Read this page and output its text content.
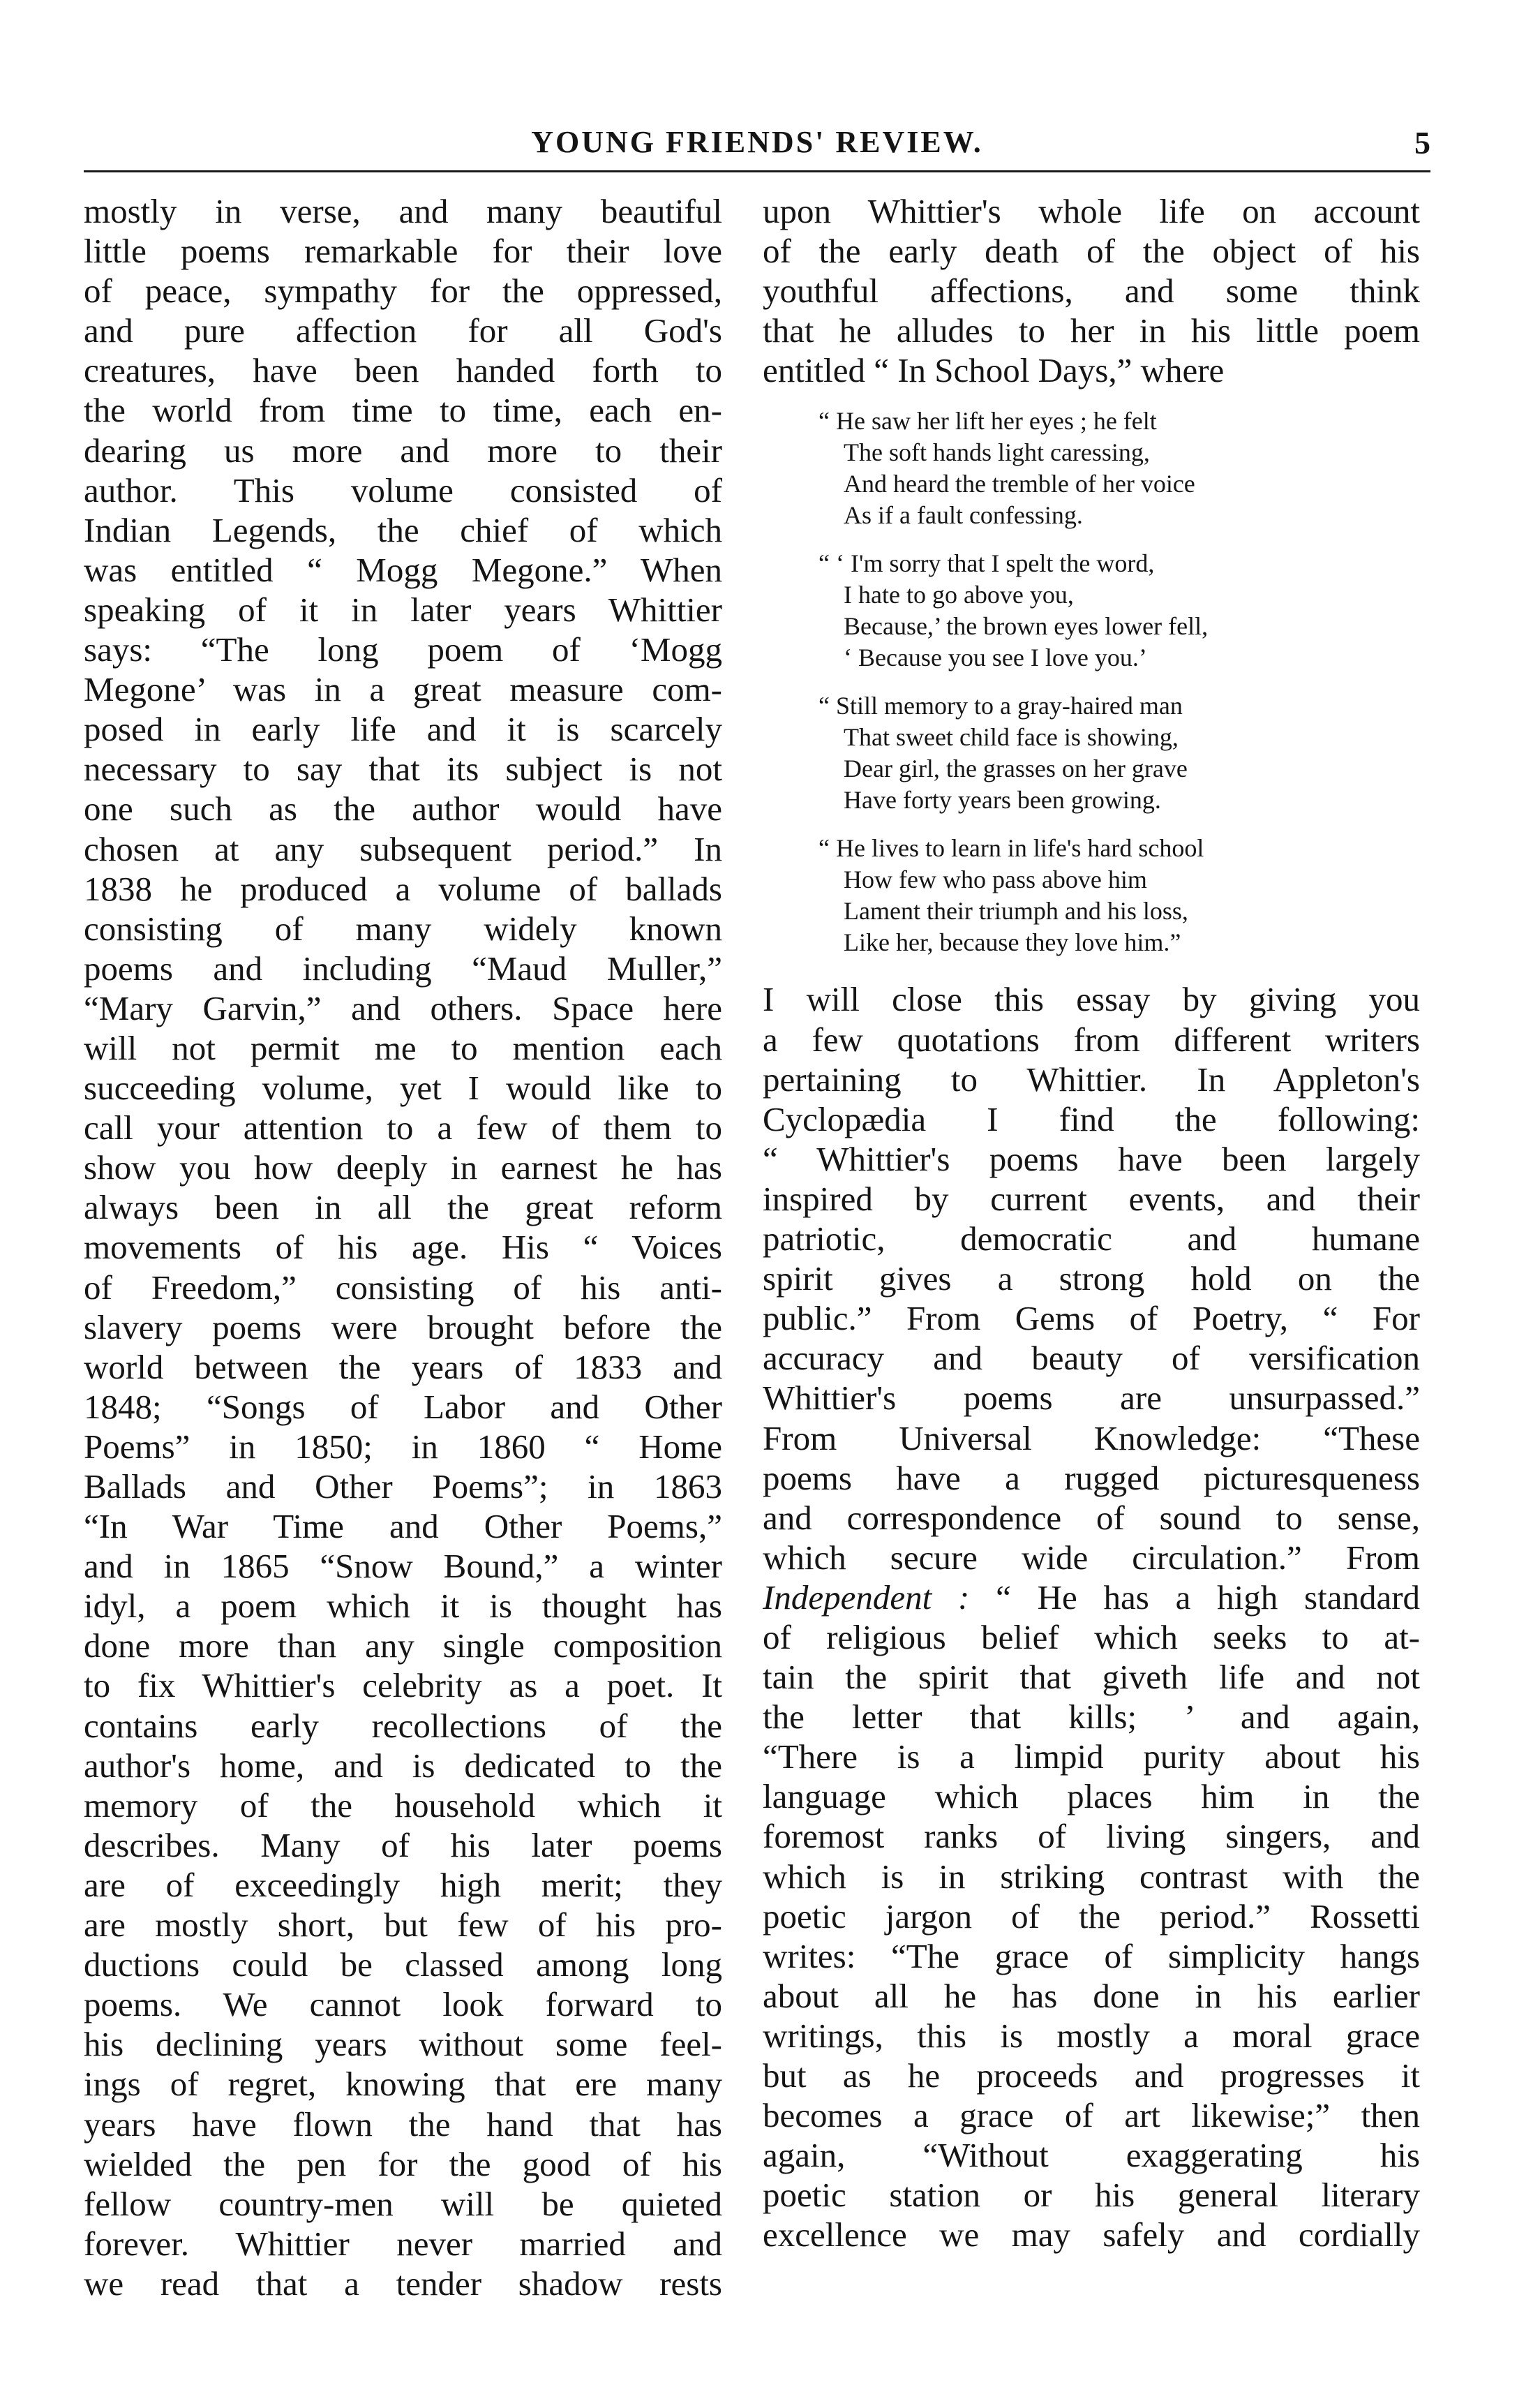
YOUNG FRIENDS' REVIEW.	5
mostly in verse, and many beautiful
little poems remarkable for their love
of peace, sympathy for the oppressed,
and pure affection for all God's
creatures, have been handed forth to
the world from time to time, each en-
dearing us more and more to their
author. This volume consisted of
Indian Legends, the chief of which
was entitled “ Mogg Megone.” When
speaking of it in later years Whittier
says: “The long poem of ‘Mogg
Megone’ was in a great measure com-
posed in early life and it is scarcely
necessary to say that its subject is not
one such as the author would have
chosen at any subsequent period.” In
1838 he produced a volume of ballads
consisting of many widely known
poems and including “Maud Muller,”
“Mary Garvin,” and others. Space here
will not permit me to mention each
succeeding volume, yet I would like to
call your attention to a few of them to
show you how deeply in earnest he has
always been in all the great reform
movements of his age. His “ Voices
of Freedom,” consisting of his anti-
slavery poems were brought before the
world between the years of 1833 and
1848; “Songs of Labor and Other
Poems” in 1850; in 1860 “ Home
Ballads and Other Poems”; in 1863
“In War Time and Other Poems,”
and in 1865 “Snow Bound,” a winter
idyl, a poem which it is thought has
done more than any single composition
to fix Whittier's celebrity as a poet. It
contains early recollections of the
author's home, and is dedicated to the
memory of the household which it
describes. Many of his later poems
are of exceedingly high merit; they
are mostly short, but few of his pro-
ductions could be classed among long
poems. We cannot look forward to
his declining years without some feel-
ings of regret, knowing that ere many
years have flown the hand that has
wielded the pen for the good of his
fellow country-men will be quieted
forever. Whittier never married and
we read that a tender shadow rests
upon Whittier's whole life on account
of the early death of the object of his
youthful affections, and some think
that he alludes to her in his little poem
entitled “ In School Days,” where
“ He saw her lift her eyes ; he felt
The soft hands light caressing,
And heard the tremble of her voice
As if a fault confessing.
“ ‘ I'm sorry that I spelt the word,
I hate to go above you,
Because,’ the brown eyes lower fell,
‘ Because you see I love you.’
“ Still memory to a gray-haired man
That sweet child face is showing,
Dear girl, the grasses on her grave
Have forty years been growing.
“ He lives to learn in life's hard school
How few who pass above him
Lament their triumph and his loss,
Like her, because they love him.”
I will close this essay by giving you
a few quotations from different writers
pertaining to Whittier. In Appleton's
Cyclopædia I find the following:
“ Whittier's poems have been largely
inspired by current events, and their
patriotic, democratic and humane
spirit gives a strong hold on the
public.” From Gems of Poetry, “ For
accuracy and beauty of versification
Whittier's poems are unsurpassed.”
From Universal Knowledge: “These
poems have a rugged picturesqueness
and correspondence of sound to sense,
which secure wide circulation.” From
Independent : “ He has a high standard
of religious belief which seeks to at-
tain the spirit that giveth life and not
the letter that kills; ’ and again,
“There is a limpid purity about his
language which places him in the
foremost ranks of living singers, and
which is in striking contrast with the
poetic jargon of the period.” Rossetti
writes: “The grace of simplicity hangs
about all he has done in his earlier
writings, this is mostly a moral grace
but as he proceeds and progresses it
becomes a grace of art likewise;” then
again, “Without exaggerating his
poetic station or his general literary
excellence we may safely and cordially
